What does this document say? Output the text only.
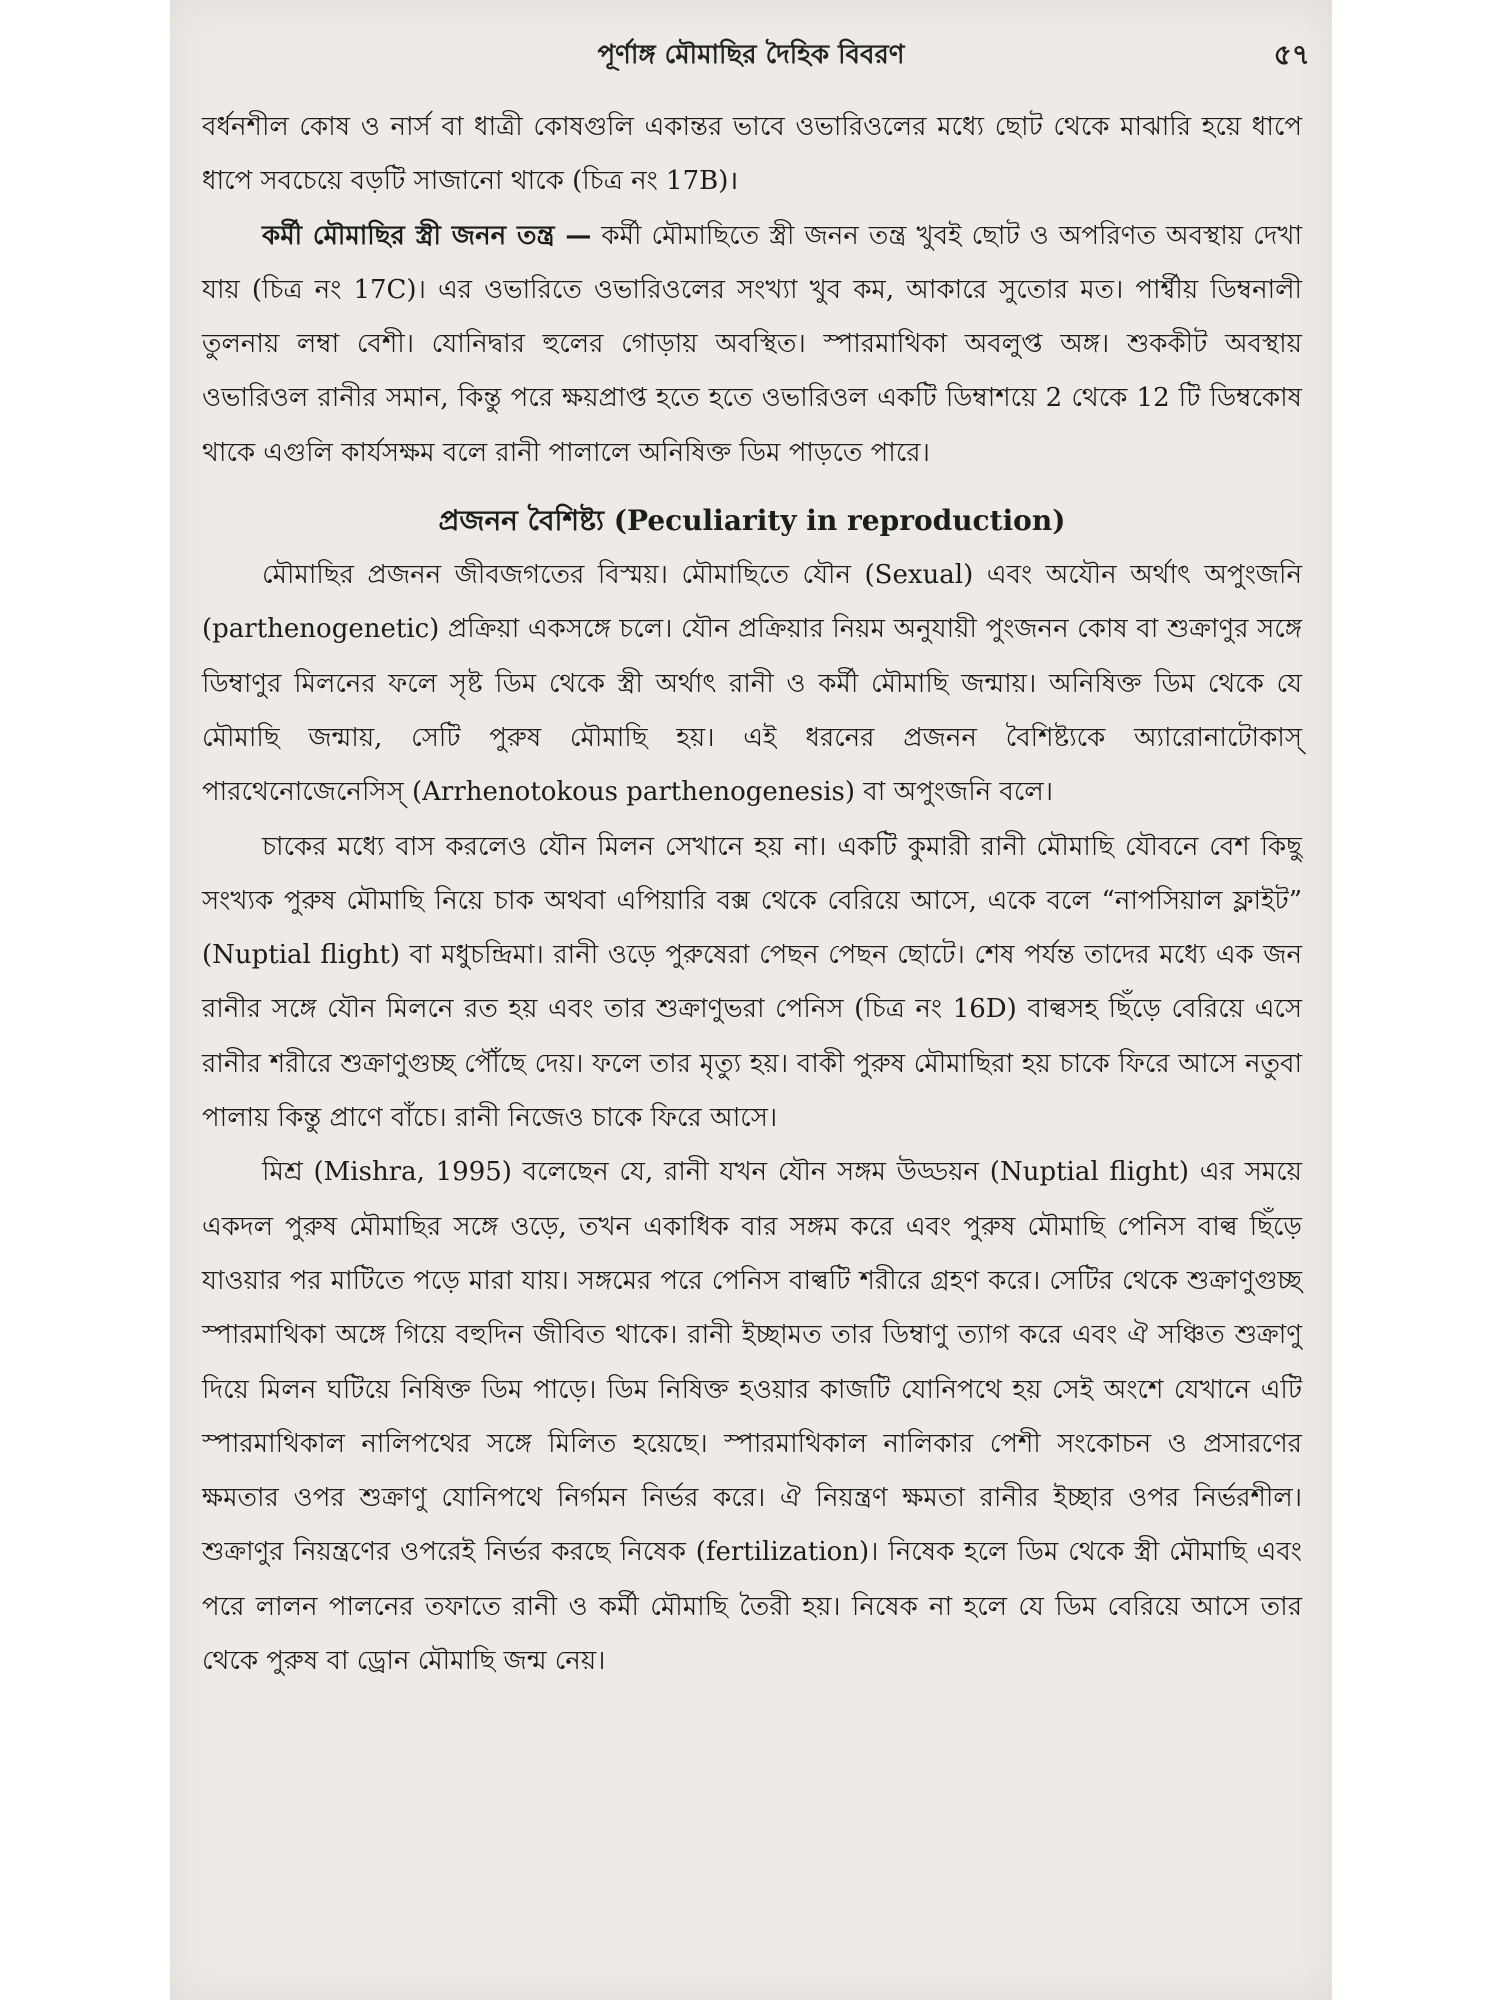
পূর্ণাঙ্গ মৌমাছির দৈহিক বিবরণ	৫৭

বর্ধনশীল কোষ ও নার্স বা ধাত্রী কোষগুলি একান্তর ভাবে ওভারিওলের মধ্যে ছোট থেকে মাঝারি হয়ে ধাপে ধাপে সবচেয়ে বড়টি সাজানো থাকে (চিত্র নং 17B)।

কর্মী মৌমাছির স্ত্রী জনন তন্ত্র — কর্মী মৌমাছিতে স্ত্রী জনন তন্ত্র খুবই ছোট ও অপরিণত অবস্থায় দেখা যায় (চিত্র নং 17C)। এর ওভারিতে ওভারিওলের সংখ্যা খুব কম, আকারে সুতোর মত। পার্শ্বীয় ডিম্বনালী তুলনায় লম্বা বেশী। যোনিদ্বার হুলের গোড়ায় অবস্থিত। স্পারমাথিকা অবলুপ্ত অঙ্গ। শুককীট অবস্থায় ওভারিওল রানীর সমান, কিন্তু পরে ক্ষয়প্রাপ্ত হতে হতে ওভারিওল একটি ডিম্বাশয়ে 2 থেকে 12 টি ডিম্বকোষ থাকে এগুলি কার্যসক্ষম বলে রানী পালালে অনিষিক্ত ডিম পাড়তে পারে।

প্রজনন বৈশিষ্ট্য (Peculiarity in reproduction)

মৌমাছির প্রজনন জীবজগতের বিস্ময়। মৌমাছিতে যৌন (Sexual) এবং অযৌন অর্থাৎ অপুংজনি (parthenogenetic) প্রক্রিয়া একসঙ্গে চলে। যৌন প্রক্রিয়ার নিয়ম অনুযায়ী পুংজনন কোষ বা শুক্রাণুর সঙ্গে ডিম্বাণুর মিলনের ফলে সৃষ্ট ডিম থেকে স্ত্রী অর্থাৎ রানী ও কর্মী মৌমাছি জন্মায়। অনিষিক্ত ডিম থেকে যে মৌমাছি জন্মায়, সেটি পুরুষ মৌমাছি হয়। এই ধরনের প্রজনন বৈশিষ্ট্যকে অ্যারোনাটোকাস্ পারথেনোজেনেসিস্ (Arrhenotokous parthenogenesis) বা অপুংজনি বলে।

চাকের মধ্যে বাস করলেও যৌন মিলন সেখানে হয় না। একটি কুমারী রানী মৌমাছি যৌবনে বেশ কিছু সংখ্যক পুরুষ মৌমাছি নিয়ে চাক অথবা এপিয়ারি বক্স থেকে বেরিয়ে আসে, একে বলে “নাপসিয়াল ফ্লাইট” (Nuptial flight) বা মধুচন্দ্রিমা। রানী ওড়ে পুরুষেরা পেছন পেছন ছোটে। শেষ পর্যন্ত তাদের মধ্যে এক জন রানীর সঙ্গে যৌন মিলনে রত হয় এবং তার শুক্রাণুভরা পেনিস (চিত্র নং 16D) বাল্বসহ ছিঁড়ে বেরিয়ে এসে রানীর শরীরে শুক্রাণুগুচ্ছ পৌঁছে দেয়। ফলে তার মৃত্যু হয়। বাকী পুরুষ মৌমাছিরা হয় চাকে ফিরে আসে নতুবা পালায় কিন্তু প্রাণে বাঁচে। রানী নিজেও চাকে ফিরে আসে।

মিশ্র (Mishra, 1995) বলেছেন যে, রানী যখন যৌন সঙ্গম উড্ডয়ন (Nuptial flight) এর সময়ে একদল পুরুষ মৌমাছির সঙ্গে ওড়ে, তখন একাধিক বার সঙ্গম করে এবং পুরুষ মৌমাছি পেনিস বাল্ব ছিঁড়ে যাওয়ার পর মাটিতে পড়ে মারা যায়। সঙ্গমের পরে পেনিস বাল্বটি শরীরে গ্রহণ করে। সেটির থেকে শুক্রাণুগুচ্ছ স্পারমাথিকা অঙ্গে গিয়ে বহুদিন জীবিত থাকে। রানী ইচ্ছামত তার ডিম্বাণু ত্যাগ করে এবং ঐ সঞ্চিত শুক্রাণু দিয়ে মিলন ঘটিয়ে নিষিক্ত ডিম পাড়ে। ডিম নিষিক্ত হওয়ার কাজটি যোনিপথে হয় সেই অংশে যেখানে এটি স্পারমাথিকাল নালিপথের সঙ্গে মিলিত হয়েছে। স্পারমাথিকাল নালিকার পেশী সংকোচন ও প্রসারণের ক্ষমতার ওপর শুক্রাণু যোনিপথে নির্গমন নির্ভর করে। ঐ নিয়ন্ত্রণ ক্ষমতা রানীর ইচ্ছার ওপর নির্ভরশীল। শুক্রাণুর নিয়ন্ত্রণের ওপরেই নির্ভর করছে নিষেক (fertilization)। নিষেক হলে ডিম থেকে স্ত্রী মৌমাছি এবং পরে লালন পালনের তফাতে রানী ও কর্মী মৌমাছি তৈরী হয়। নিষেক না হলে যে ডিম বেরিয়ে আসে তার থেকে পুরুষ বা ড্রোন মৌমাছি জন্ম নেয়।
